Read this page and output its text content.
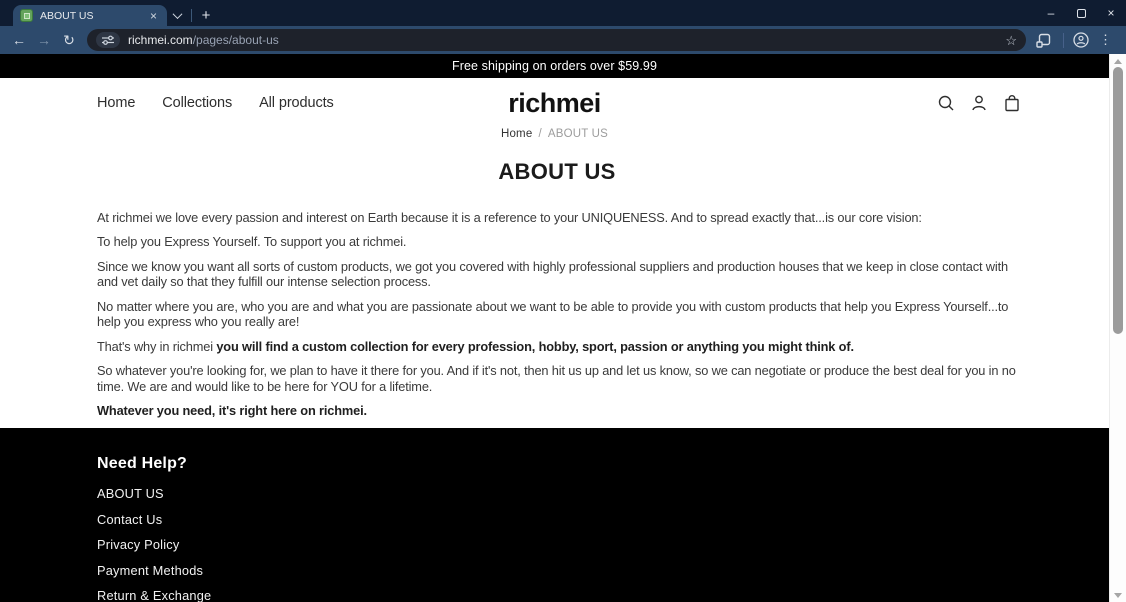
ABOUT US	×	+	–	×
← → ↻	richmei.com/pages/about-us	☆	⋮
Free shipping on orders over $59.99
Home Collections All products	richmei
Home / ABOUT US
ABOUT US

At richmei we love every passion and interest on Earth because it is a reference to your UNIQUENESS. And to spread exactly that...is our core vision:

To help you Express Yourself. To support you at richmei.

Since we know you want all sorts of custom products, we got you covered with highly professional suppliers and production houses that we keep in close contact with and vet daily so that they fulfill our intense selection process.

No matter where you are, who you are and what you are passionate about we want to be able to provide you with custom products that help you Express Yourself...to help you express who you really are!

That's why in richmei you will find a custom collection for every profession, hobby, sport, passion or anything you might think of.

So whatever you're looking for, we plan to have it there for you. And if it's not, then hit us up and let us know, so we can negotiate or produce the best deal for you in no time. We are and would like to be here for YOU for a lifetime.

Whatever you need, it's right here on richmei.

Need Help?
ABOUT US
Contact Us
Privacy Policy
Payment Methods
Return & Exchange
